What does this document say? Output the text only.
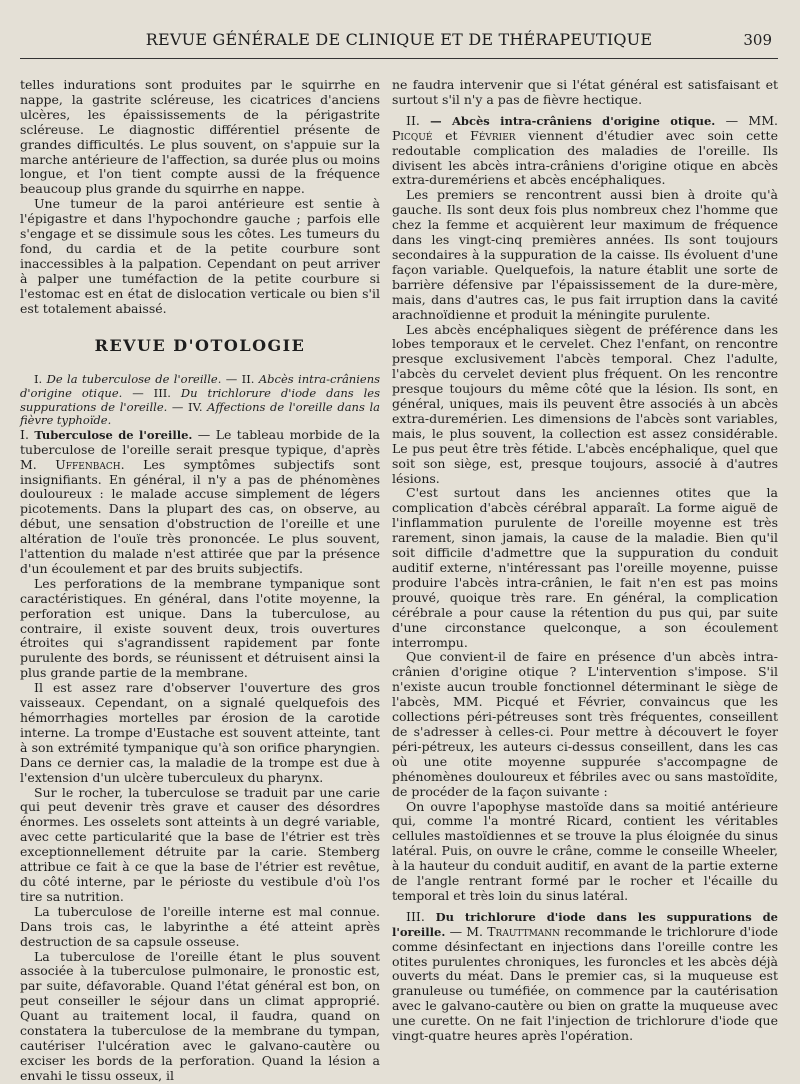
REVUE GÉNÉRALE DE CLINIQUE ET DE THÉRAPEUTIQUE	309

telles indurations sont produites par le squirrhe en nappe, la gastrite scléreuse, les cicatrices d'anciens ulcères, les épaississements de la périgastrite scléreuse. Le diagnostic différentiel présente de grandes difficultés. Le plus souvent, on s'appuie sur la marche antérieure de l'affection, sa durée plus ou moins longue, et l'on tient compte aussi de la fréquence beaucoup plus grande du squirrhe en nappe.

Une tumeur de la paroi antérieure est sentie à l'épigastre et dans l'hypochondre gauche ; parfois elle s'engage et se dissimule sous les côtes. Les tumeurs du fond, du cardia et de la petite courbure sont inaccessibles à la palpation. Cependant on peut arriver à palper une tuméfaction de la petite courbure si l'estomac est en état de dislocation verticale ou bien s'il est totalement abaissé.

REVUE D'OTOLOGIE

I. De la tuberculose de l'oreille. — II. Abcès intra-crâniens d'origine otique. — III. Du trichlorure d'iode dans les suppurations de l'oreille. — IV. Affections de l'oreille dans la fièvre typhoïde.

I. Tuberculose de l'oreille. — Le tableau morbide de la tuberculose de l'oreille serait presque typique, d'après M. Uffenbach. Les symptômes subjectifs sont insignifiants. En général, il n'y a pas de phénomènes douloureux : le malade accuse simplement de légers picotements. Dans la plupart des cas, on observe, au début, une sensation d'obstruction de l'oreille et une altération de l'ouïe très prononcée. Le plus souvent, l'attention du malade n'est attirée que par la présence d'un écoulement et par des bruits subjectifs.

Les perforations de la membrane tympanique sont caractéristiques. En général, dans l'otite moyenne, la perforation est unique. Dans la tuberculose, au contraire, il existe souvent deux, trois ouvertures étroites qui s'agrandissent rapidement par fonte purulente des bords, se réunissent et détruisent ainsi la plus grande partie de la membrane.

Il est assez rare d'observer l'ouverture des gros vaisseaux. Cependant, on a signalé quelquefois des hémorrhagies mortelles par érosion de la carotide interne. La trompe d'Eustache est souvent atteinte, tant à son extrémité tympanique qu'à son orifice pharyngien. Dans ce dernier cas, la maladie de la trompe est due à l'extension d'un ulcère tuberculeux du pharynx.

Sur le rocher, la tuberculose se traduit par une carie qui peut devenir très grave et causer des désordres énormes. Les osselets sont atteints à un degré variable, avec cette particularité que la base de l'étrier est très exceptionnellement détruite par la carie. Stemberg attribue ce fait à ce que la base de l'étrier est revêtue, du côté interne, par le périoste du vestibule d'où l'os tire sa nutrition.

La tuberculose de l'oreille interne est mal connue. Dans trois cas, le labyrinthe a été atteint après destruction de sa capsule osseuse.

La tuberculose de l'oreille étant le plus souvent associée à la tuberculose pulmonaire, le pronostic est, par suite, défavorable. Quand l'état général est bon, on peut conseiller le séjour dans un climat approprié. Quant au traitement local, il faudra, quand on constatera la tuberculose de la membrane du tympan, cautériser l'ulcération avec le galvano-cautère ou exciser les bords de la perforation. Quand la lésion a envahi le tissu osseux, il

ne faudra intervenir que si l'état général est satisfaisant et surtout s'il n'y a pas de fièvre hectique.

II. — Abcès intra-crâniens d'origine otique. — MM. Picqué et Février viennent d'étudier avec soin cette redoutable complication des maladies de l'oreille. Ils divisent les abcès intra-crâniens d'origine otique en abcès extra-duremériens et abcès encéphaliques.

Les premiers se rencontrent aussi bien à droite qu'à gauche. Ils sont deux fois plus nombreux chez l'homme que chez la femme et acquièrent leur maximum de fréquence dans les vingt-cinq premières années. Ils sont toujours secondaires à la suppuration de la caisse. Ils évoluent d'une façon variable. Quelquefois, la nature établit une sorte de barrière défensive par l'épaississement de la dure-mère, mais, dans d'autres cas, le pus fait irruption dans la cavité arachnoïdienne et produit la méningite purulente.

Les abcès encéphaliques siègent de préférence dans les lobes temporaux et le cervelet. Chez l'enfant, on rencontre presque exclusivement l'abcès temporal. Chez l'adulte, l'abcès du cervelet devient plus fréquent. On les rencontre presque toujours du même côté que la lésion. Ils sont, en général, uniques, mais ils peuvent être associés à un abcès extra-duremérien. Les dimensions de l'abcès sont variables, mais, le plus souvent, la collection est assez considérable. Le pus peut être très fétide. L'abcès encéphalique, quel que soit son siège, est, presque toujours, associé à d'autres lésions.

C'est surtout dans les anciennes otites que la complication d'abcès cérébral apparaît. La forme aiguë de l'inflammation purulente de l'oreille moyenne est très rarement, sinon jamais, la cause de la maladie. Bien qu'il soit difficile d'admettre que la suppuration du conduit auditif externe, n'intéressant pas l'oreille moyenne, puisse produire l'abcès intra-crânien, le fait n'en est pas moins prouvé, quoique très rare. En général, la complication cérébrale a pour cause la rétention du pus qui, par suite d'une circonstance quelconque, a son écoulement interrompu.

Que convient-il de faire en présence d'un abcès intra-crânien d'origine otique ? L'intervention s'impose. S'il n'existe aucun trouble fonctionnel déterminant le siège de l'abcès, MM. Picqué et Février, convaincus que les collections péri-pétreuses sont très fréquentes, conseillent de s'adresser à celles-ci. Pour mettre à découvert le foyer péri-pétreux, les auteurs ci-dessus conseillent, dans les cas où une otite moyenne suppurée s'accompagne de phénomènes douloureux et fébriles avec ou sans mastoïdite, de procéder de la façon suivante :

On ouvre l'apophyse mastoïde dans sa moitié antérieure qui, comme l'a montré Ricard, contient les véritables cellules mastoïdiennes et se trouve la plus éloignée du sinus latéral. Puis, on ouvre le crâne, comme le conseille Wheeler, à la hauteur du conduit auditif, en avant de la partie externe de l'angle rentrant formé par le rocher et l'écaille du temporal et très loin du sinus latéral.

III. Du trichlorure d'iode dans les suppurations de l'oreille. — M. Trauttmann recommande le trichlorure d'iode comme désinfectant en injections dans l'oreille contre les otites purulentes chroniques, les furoncles et les abcès déjà ouverts du méat. Dans le premier cas, si la muqueuse est granuleuse ou tuméfiée, on commence par la cautérisation avec le galvano-cautère ou bien on gratte la muqueuse avec une curette. On ne fait l'injection de trichlorure d'iode que vingt-quatre heures après l'opération.
